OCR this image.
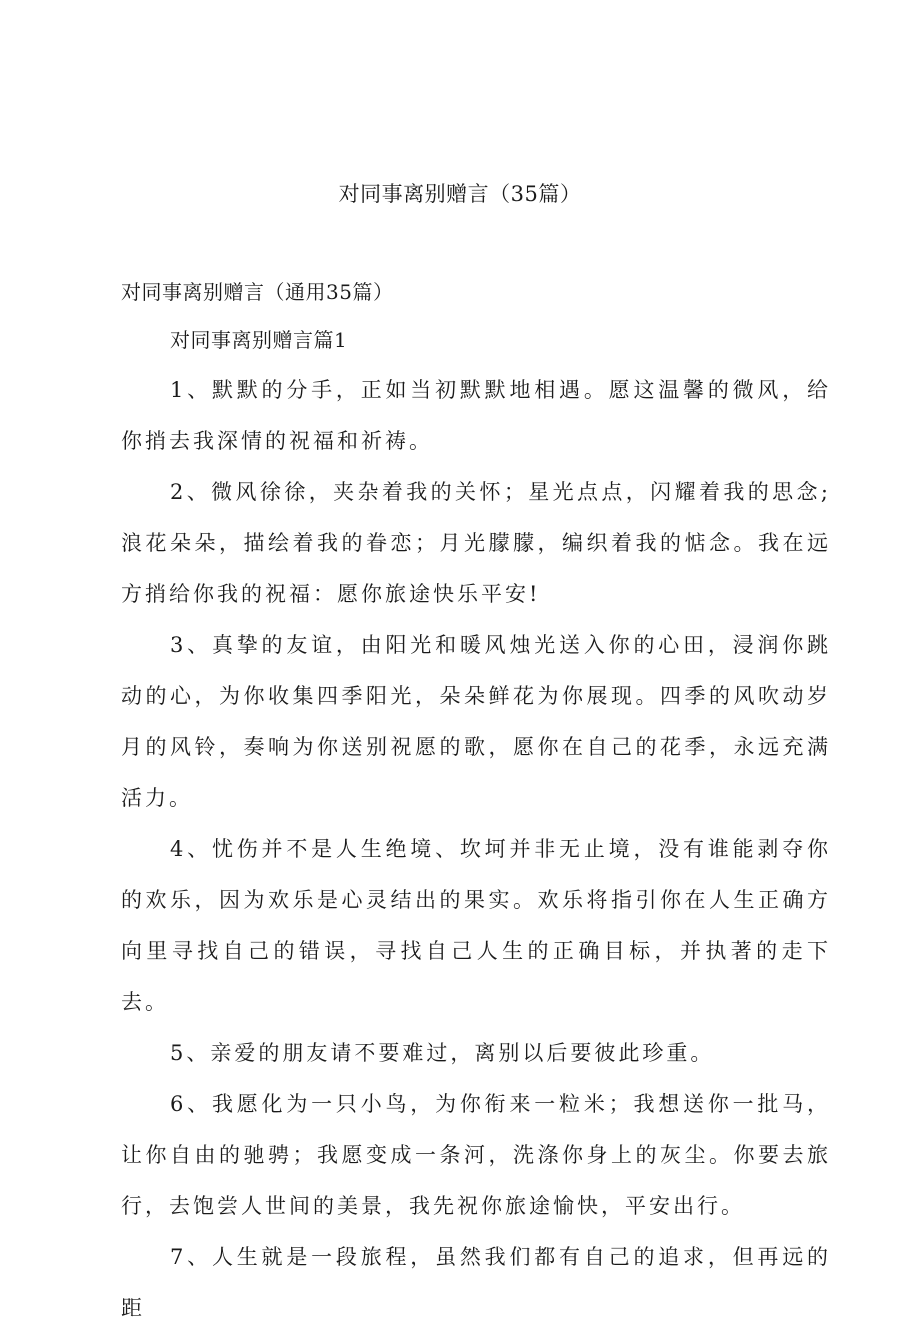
对同事离别赠言（35篇）
对同事离别赠言（通用35篇）
对同事离别赠言篇1

1、默默的分手，正如当初默默地相遇。愿这温馨的微风，给你捎去我深情的祝福和祈祷。

2、微风徐徐，夹杂着我的关怀；星光点点，闪耀着我的思念;浪花朵朵，描绘着我的眷恋；月光朦朦，编织着我的惦念。我在远方捎给你我的祝福：愿你旅途快乐平安!

3、真挚的友谊，由阳光和暖风烛光送入你的心田，浸润你跳动的心，为你收集四季阳光，朵朵鲜花为你展现。四季的风吹动岁月的风铃，奏响为你送别祝愿的歌，愿你在自己的花季，永远充满活力。

4、忧伤并不是人生绝境、坎坷并非无止境，没有谁能剥夺你的欢乐，因为欢乐是心灵结出的果实。欢乐将指引你在人生正确方向里寻找自己的错误，寻找自己人生的正确目标，并执著的走下去。

5、亲爱的朋友请不要难过，离别以后要彼此珍重。

6、我愿化为一只小鸟，为你衔来一粒米；我想送你一批马，让你自由的驰骋；我愿变成一条河，洗涤你身上的灰尘。你要去旅行，去饱尝人世间的美景，我先祝你旅途愉快，平安出行。

7、人生就是一段旅程，虽然我们都有自己的追求，但再远的距
